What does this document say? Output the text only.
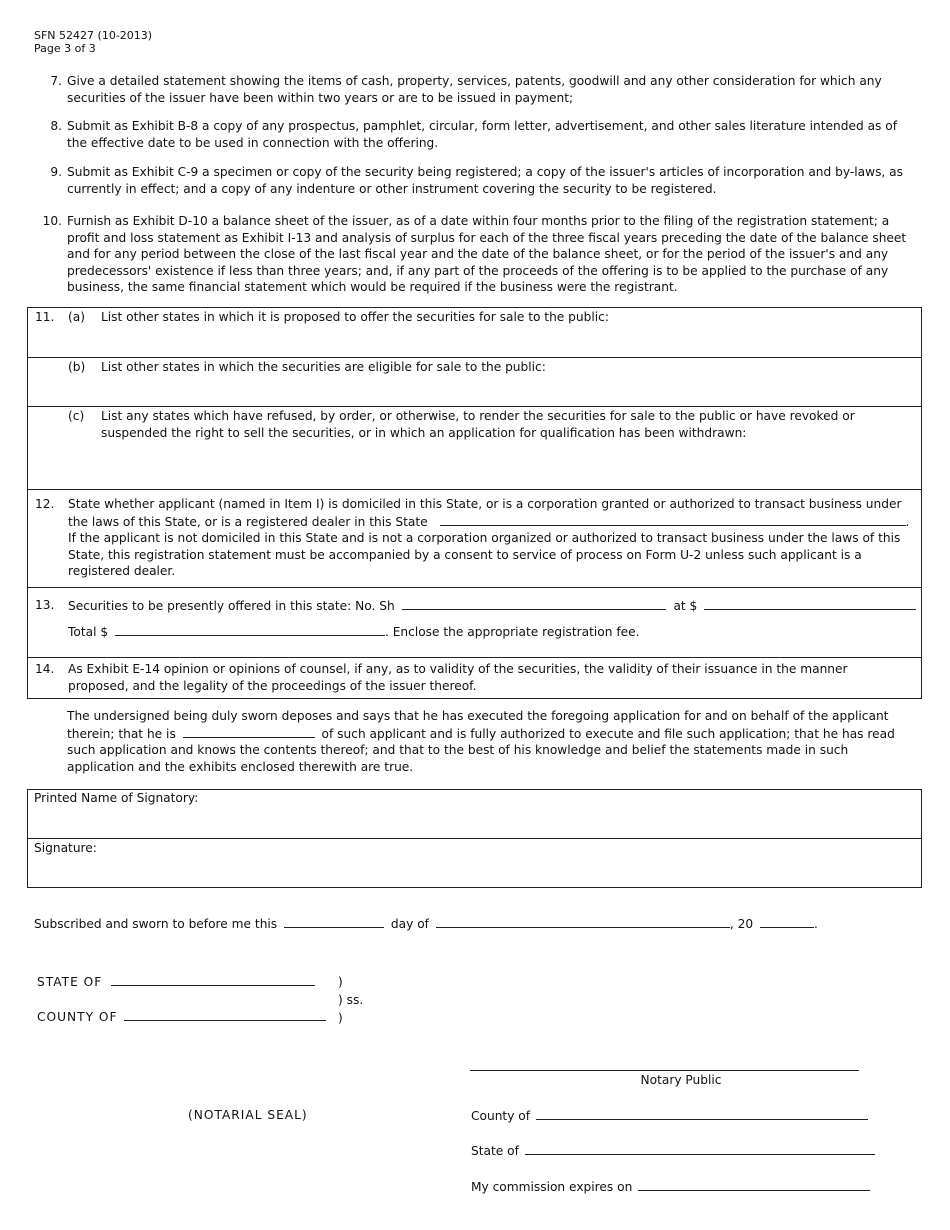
SFN 52427 (10-2013)
Page 3 of 3
7. Give a detailed statement showing the items of cash, property, services, patents, goodwill and any other consideration for which any securities of the issuer have been within two years or are to be issued in payment;
8. Submit as Exhibit B-8 a copy of any prospectus, pamphlet, circular, form letter, advertisement, and other sales literature intended as of the effective date to be used in connection with the offering.
9. Submit as Exhibit C-9 a specimen or copy of the security being registered; a copy of the issuer's articles of incorporation and by-laws, as currently in effect; and a copy of any indenture or other instrument covering the security to be registered.
10. Furnish as Exhibit D-10 a balance sheet of the issuer, as of a date within four months prior to the filing of the registration statement; a profit and loss statement as Exhibit I-13 and analysis of surplus for each of the three fiscal years preceding the date of the balance sheet and for any period between the close of the last fiscal year and the date of the balance sheet, or for the period of the issuer's and any predecessors' existence if less than three years; and, if any part of the proceeds of the offering is to be applied to the purchase of any business, the same financial statement which would be required if the business were the registrant.
11. (a)	List other states in which it is proposed to offer the securities for sale to the public:
(b)	List other states in which the securities are eligible for sale to the public:
(c)	List any states which have refused, by order, or otherwise, to render the securities for sale to the public or have revoked or suspended the right to sell the securities, or in which an application for qualification has been withdrawn:
12. State whether applicant (named in Item I) is domiciled in this State, or is a corporation granted or authorized to transact business under the laws of this State, or is a registered dealer in this State	.
If the applicant is not domiciled in this State and is not a corporation organized or authorized to transact business under the laws of this State, this registration statement must be accompanied by a consent to service of process on Form U-2 unless such applicant is a registered dealer.
13. Securities to be presently offered in this state: No. Sh	at $
Total $	. Enclose the appropriate registration fee.
14. As Exhibit E-14 opinion or opinions of counsel, if any, as to validity of the securities, the validity of their issuance in the manner proposed, and the legality of the proceedings of the issuer thereof.
The undersigned being duly sworn deposes and says that he has executed the foregoing application for and on behalf of the applicant therein; that he is	of such applicant and is fully authorized to execute and file such application; that he has read such application and knows the contents thereof; and that to the best of his knowledge and belief the statements made in such application and the exhibits enclosed therewith are true.
Printed Name of Signatory:
Signature:
Subscribed and sworn to before me this	day of	, 20	.
STATE OF
COUNTY OF
)
) ss.
)
Notary Public
(NOTARIAL SEAL)	County of
State of
My commission expires on
